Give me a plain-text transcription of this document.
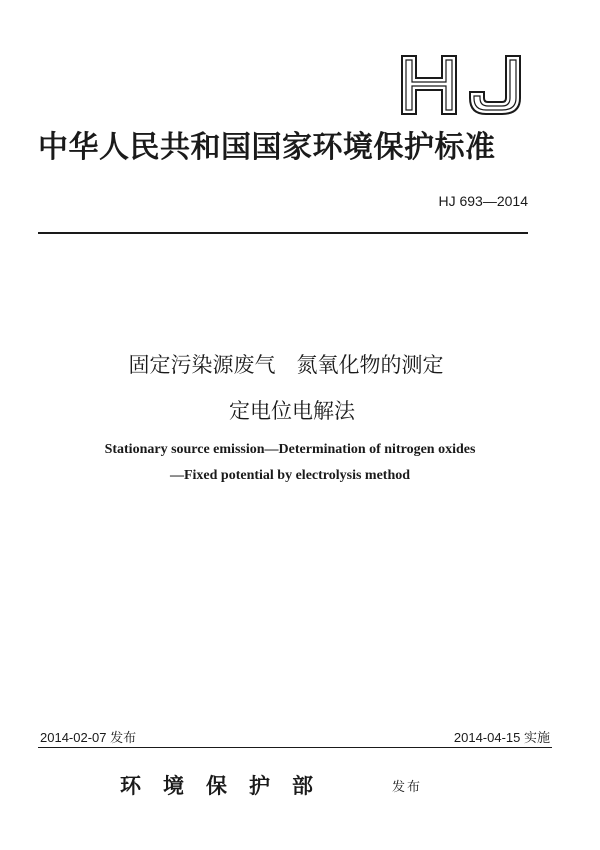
中华人民共和国国家环境保护标准
HJ 693—2014
固定污染源废气　氮氧化物的测定
定电位电解法
Stationary source emission—Determination of nitrogen oxides
—Fixed potential by electrolysis method
2014-02-07 发布	2014-04-15 实施
环境保护部	发布
